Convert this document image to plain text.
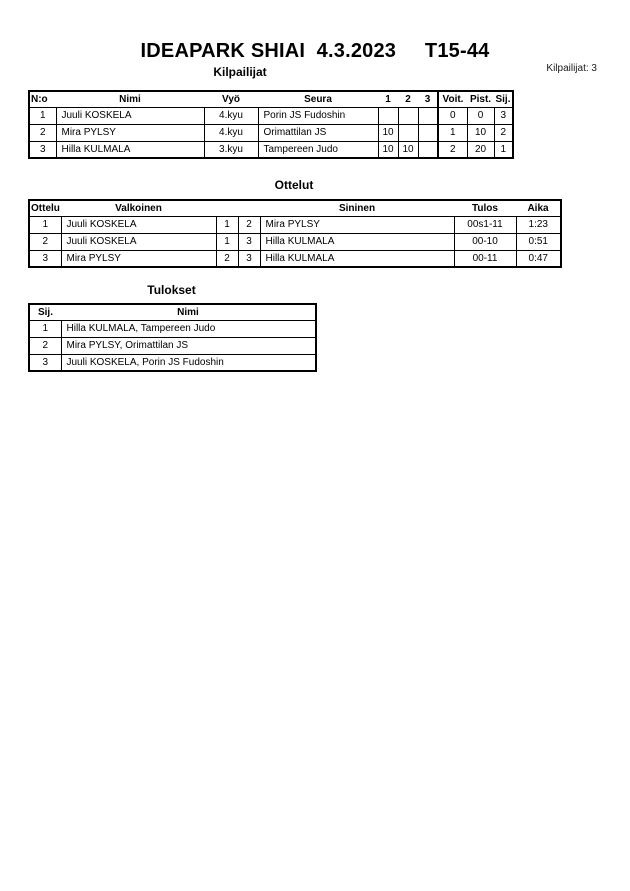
IDEAPARK SHIAI  4.3.2023     T15-44
Kilpailijat: 3
Kilpailijat
N:o	Nimi	Vyö	Seura	1	2	3	Voit.	Pist.	Sij.
1	Juuli KOSKELA	4.kyu	Porin JS Fudoshin				0	0	3
2	Mira PYLSY	4.kyu	Orimattilan JS	10			1	10	2
3	Hilla KULMALA	3.kyu	Tampereen Judo	10	10		2	20	1
Ottelut
Ottelu	Valkoinen			Sininen	Tulos	Aika
1	Juuli KOSKELA	1	2	Mira PYLSY	00s1-11	1:23
2	Juuli KOSKELA	1	3	Hilla KULMALA	00-10	0:51
3	Mira PYLSY	2	3	Hilla KULMALA	00-11	0:47
Tulokset
Sij.	Nimi
1	Hilla KULMALA, Tampereen Judo
2	Mira PYLSY, Orimattilan JS
3	Juuli KOSKELA, Porin JS Fudoshin
